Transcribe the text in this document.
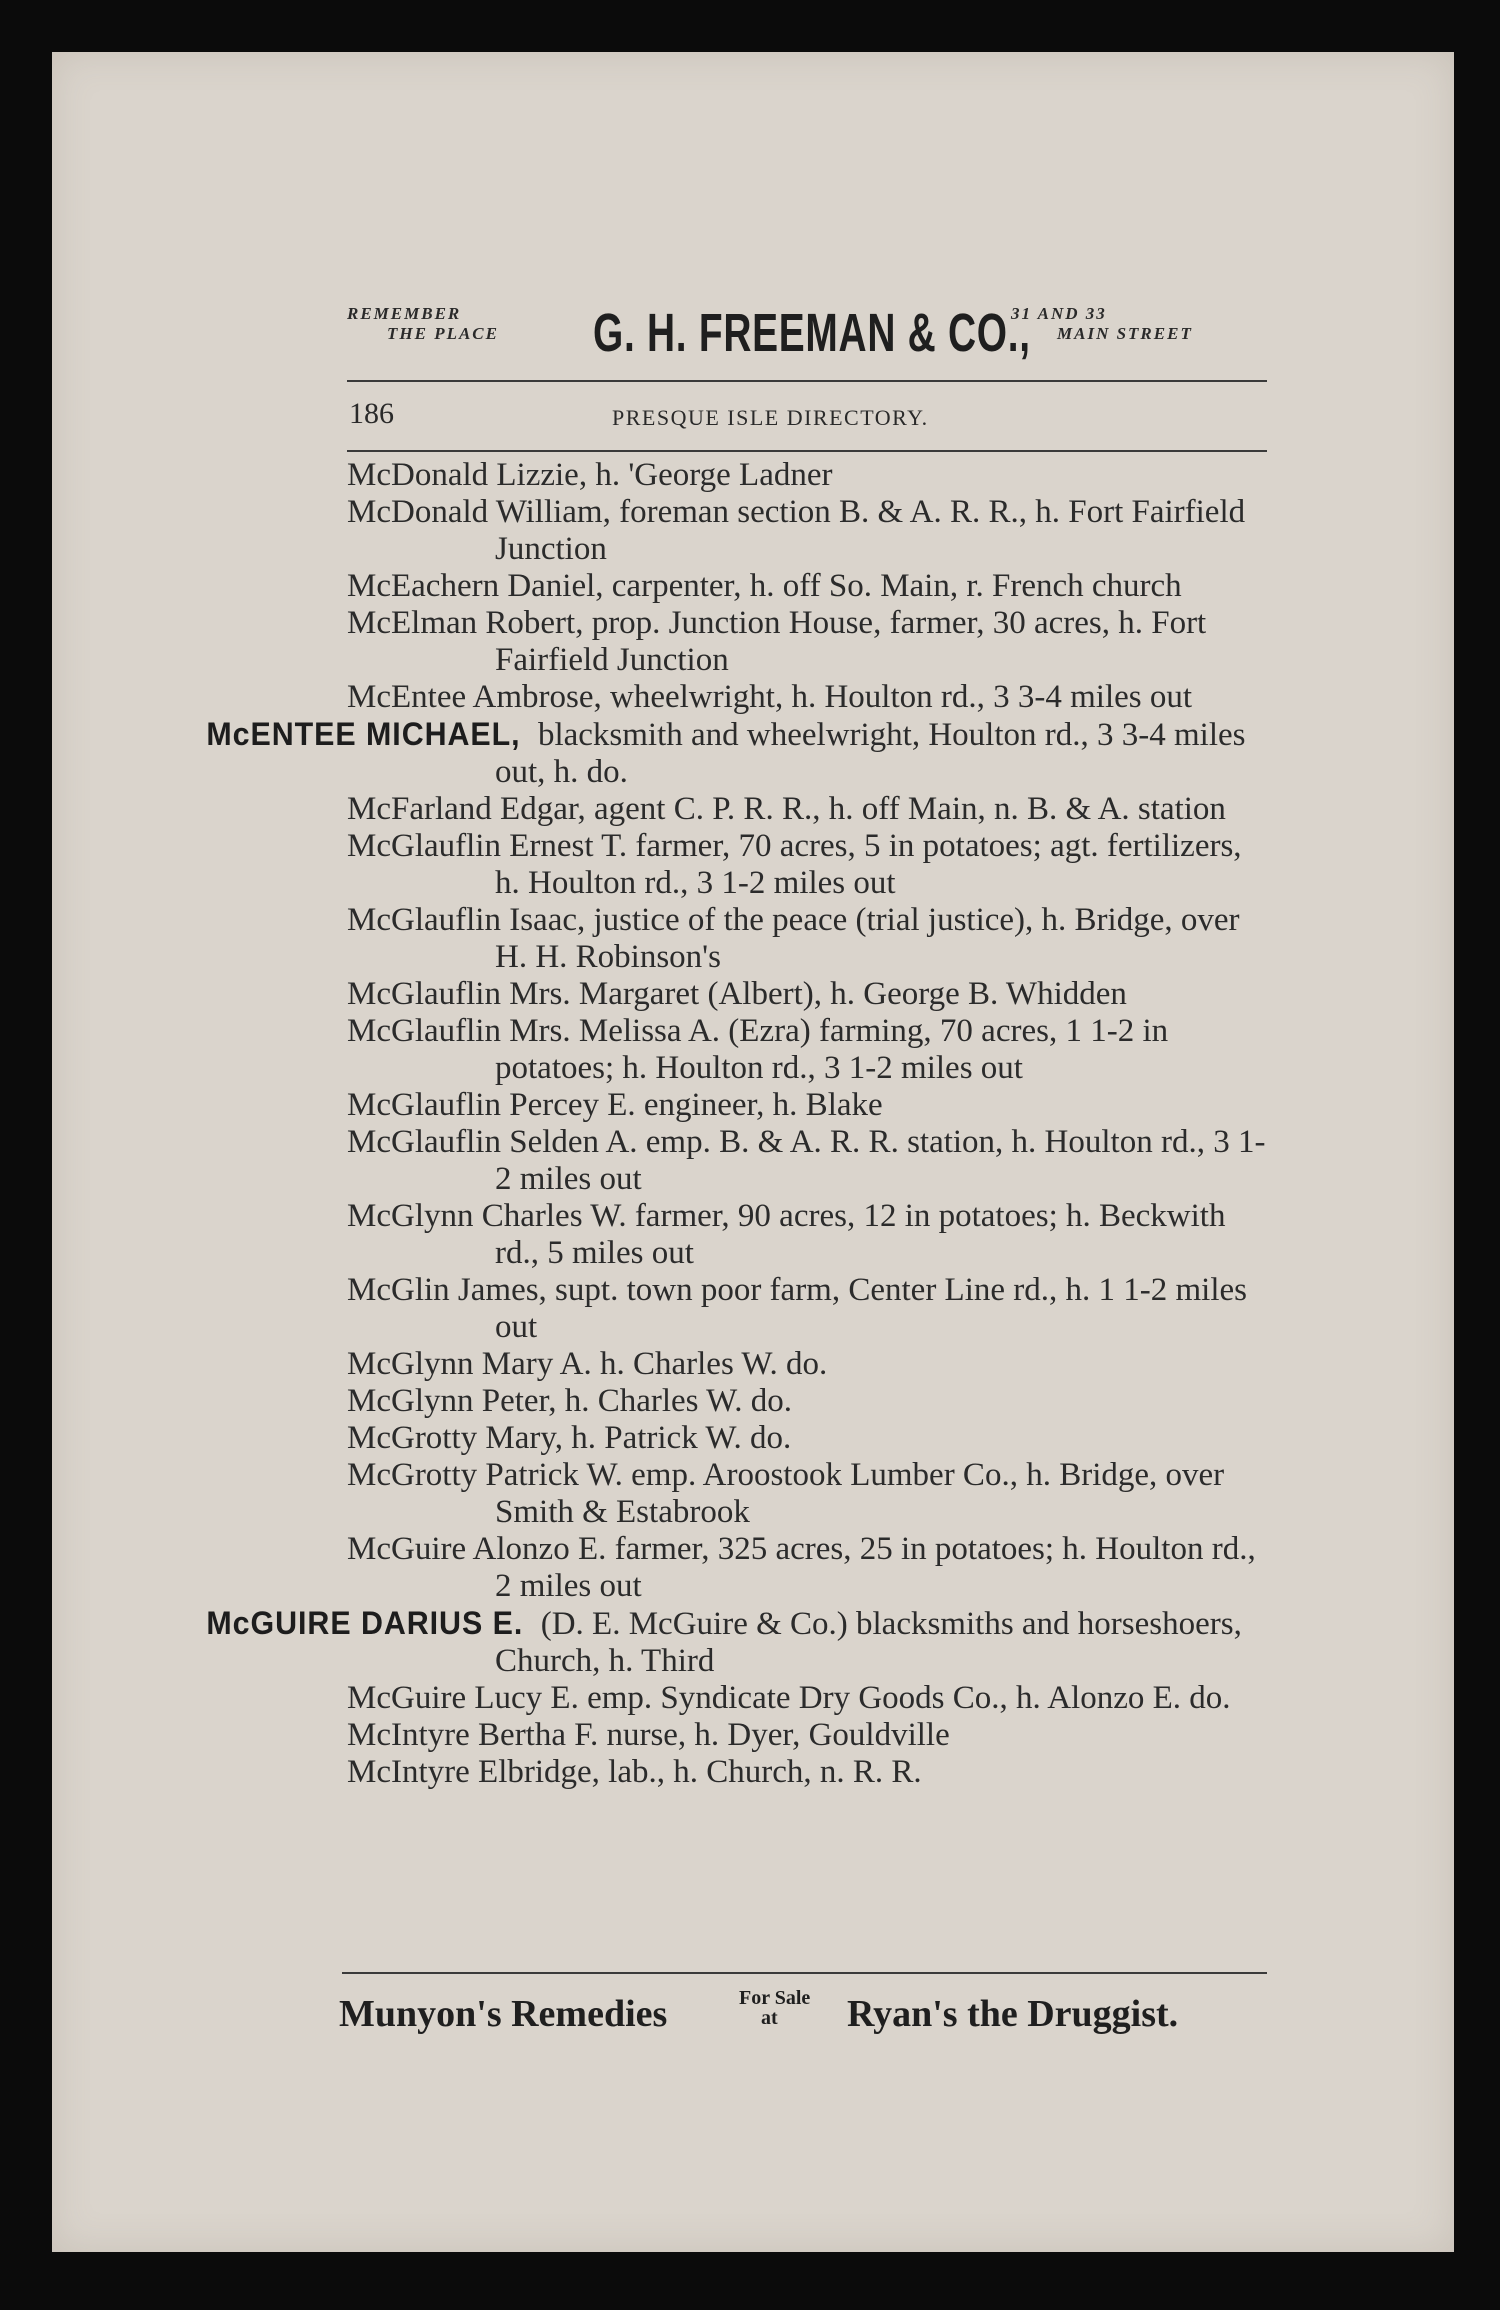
REMEMBER
THE PLACE G. H. FREEMAN & CO.,
31 AND 33
MAIN STREET
186	PRESQUE ISLE DIRECTORY.
McDonald Lizzie, h. 'George Ladner
McDonald William, foreman section B. & A. R. R., h. Fort Fairfield Junction
McEachern Daniel, carpenter, h. off So. Main, r. French church
McElman Robert, prop. Junction House, farmer, 30 acres, h. Fort Fairfield Junction
McEntee Ambrose, wheelwright, h. Houlton rd., 3 3-4 miles out
McENTEE MICHAEL, blacksmith and wheelwright, Houlton rd., 3 3-4 miles out, h. do.
McFarland Edgar, agent C. P. R. R., h. off Main, n. B. & A. station
McGlauflin Ernest T. farmer, 70 acres, 5 in potatoes; agt. fertilizers, h. Houlton rd., 3 1-2 miles out
McGlauflin Isaac, justice of the peace (trial justice), h. Bridge, over H. H. Robinson's
McGlauflin Mrs. Margaret (Albert), h. George B. Whidden
McGlauflin Mrs. Melissa A. (Ezra) farming, 70 acres, 1 1-2 in potatoes; h. Houlton rd., 3 1-2 miles out
McGlauflin Percey E. engineer, h. Blake
McGlauflin Selden A. emp. B. & A. R. R. station, h. Houlton rd., 3 1-2 miles out
McGlynn Charles W. farmer, 90 acres, 12 in potatoes; h. Beckwith rd., 5 miles out
McGlin James, supt. town poor farm, Center Line rd., h. 1 1-2 miles out
McGlynn Mary A. h. Charles W. do.
McGlynn Peter, h. Charles W. do.
McGrotty Mary, h. Patrick W. do.
McGrotty Patrick W. emp. Aroostook Lumber Co., h. Bridge, over Smith & Estabrook
McGuire Alonzo E. farmer, 325 acres, 25 in potatoes; h. Houlton rd., 2 miles out
McGUIRE DARIUS E. (D. E. McGuire & Co.) blacksmiths and horseshoers, Church, h. Third
McGuire Lucy E. emp. Syndicate Dry Goods Co., h. Alonzo E. do.
McIntyre Bertha F. nurse, h. Dyer, Gouldville
McIntyre Elbridge, lab., h. Church, n. R. R.
Munyon's Remedies	For Sale
at	Ryan's the Druggist.
